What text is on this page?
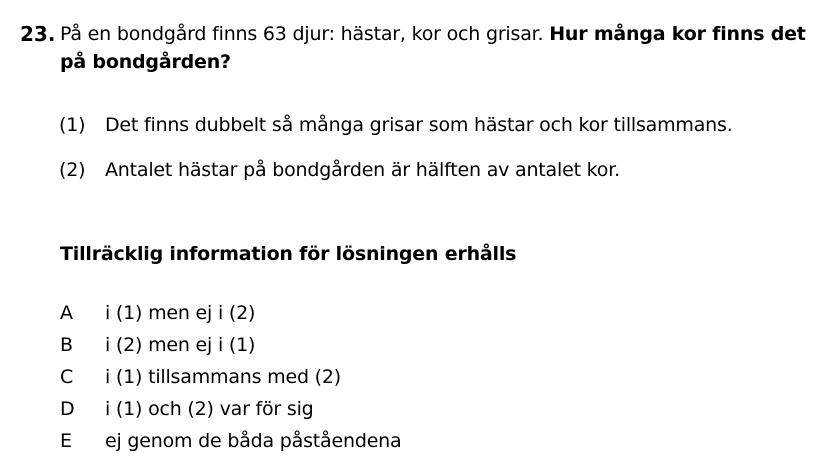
23. På en bondgård finns 63 djur: hästar, kor och grisar. Hur många kor finns det på bondgården?
(1)	Det finns dubbelt så många grisar som hästar och kor tillsammans.
(2)	Antalet hästar på bondgården är hälften av antalet kor.
Tillräcklig information för lösningen erhålls
A	i (1) men ej i (2)
B	i (2) men ej i (1)
C	i (1) tillsammans med (2)
D	i (1) och (2) var för sig
E	ej genom de båda påståendena
